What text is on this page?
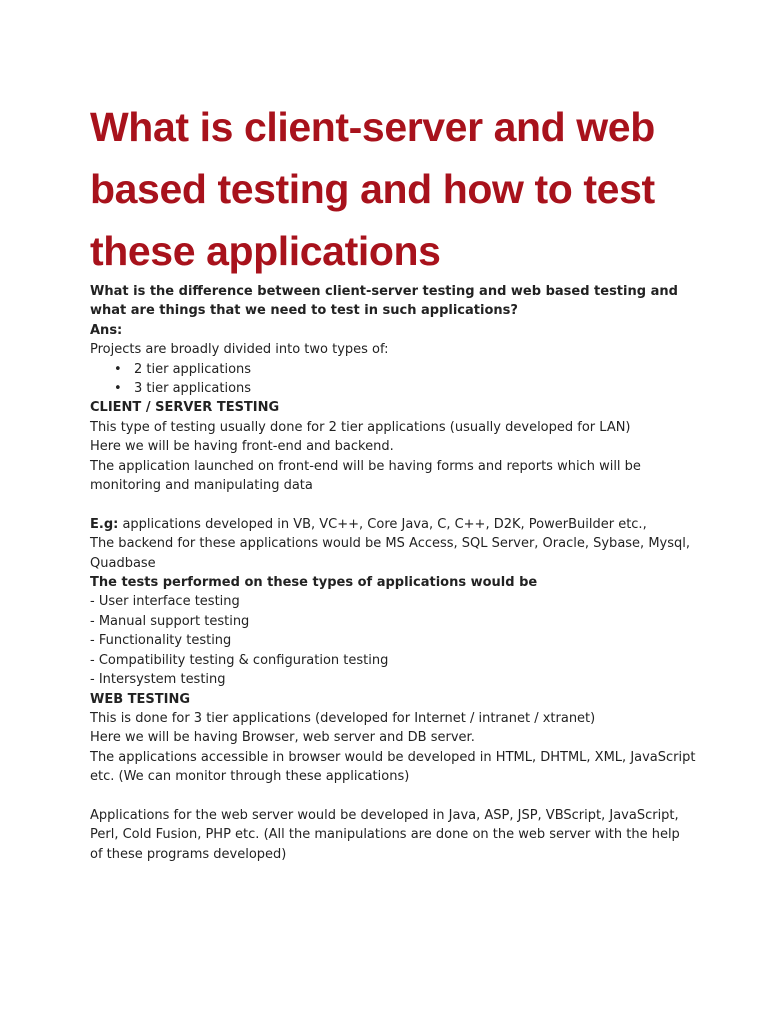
What is client-server and web
based testing and how to test
these applications
What is the difference between client-server testing and web based testing and
what are things that we need to test in such applications?
Ans:
Projects are broadly divided into two types of:
• 2 tier applications
• 3 tier applications
CLIENT / SERVER TESTING
This type of testing usually done for 2 tier applications (usually developed for LAN)
Here we will be having front-end and backend.
The application launched on front-end will be having forms and reports which will be
monitoring and manipulating data
E.g: applications developed in VB, VC++, Core Java, C, C++, D2K, PowerBuilder etc.,
The backend for these applications would be MS Access, SQL Server, Oracle, Sybase, Mysql,
Quadbase
The tests performed on these types of applications would be
- User interface testing
- Manual support testing
- Functionality testing
- Compatibility testing & configuration testing
- Intersystem testing
WEB TESTING
This is done for 3 tier applications (developed for Internet / intranet / xtranet)
Here we will be having Browser, web server and DB server.
The applications accessible in browser would be developed in HTML, DHTML, XML, JavaScript
etc. (We can monitor through these applications)
Applications for the web server would be developed in Java, ASP, JSP, VBScript, JavaScript,
Perl, Cold Fusion, PHP etc. (All the manipulations are done on the web server with the help
of these programs developed)
